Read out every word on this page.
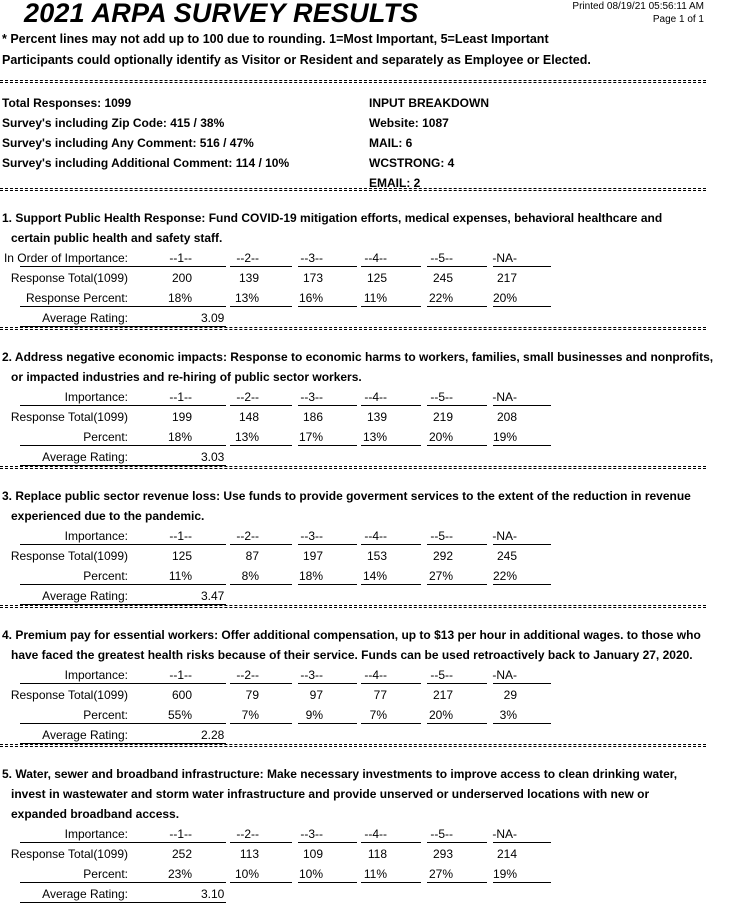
2021 ARPA SURVEY RESULTS	Printed 08/19/21 05:56:11 AM
Page 1 of 1
* Percent lines may not add up to 100 due to rounding. 1=Most Important, 5=Least Important
Participants could optionally identify as Visitor or Resident and separately as Employee or Elected.
Total Responses: 1099
Survey's including Zip Code: 415 / 38%
Survey's including Any Comment: 516 / 47%
Survey's including Additional Comment: 114 / 10%
INPUT BREAKDOWN
Website: 1087
MAIL: 6
WCSTRONG: 4
EMAIL: 2
1. Support Public Health Response: Fund COVID-19 mitigation efforts, medical expenses, behavioral healthcare and
certain public health and safety staff.
In Order of Importance:	--1--	--2--	--3--	--4--	--5--	-NA-
Response Total(1099)	200	139	173	125	245	217
Response Percent:	18%	13%	16%	11%	22%	20%
Average Rating:	3.09
2. Address negative economic impacts: Response to economic harms to workers, families, small businesses and nonprofits,
or impacted industries and re-hiring of public sector workers.
Importance:	--1--	--2--	--3--	--4--	--5--	-NA-
Response Total(1099)	199	148	186	139	219	208
Percent:	18%	13%	17%	13%	20%	19%
Average Rating:	3.03
3. Replace public sector revenue loss: Use funds to provide goverment services to the extent of the reduction in revenue
experienced due to the pandemic.
Importance:	--1--	--2--	--3--	--4--	--5--	-NA-
Response Total(1099)	125	87	197	153	292	245
Percent:	11%	8%	18%	14%	27%	22%
Average Rating:	3.47
4. Premium pay for essential workers: Offer additional compensation, up to $13 per hour in additional wages. to those who
have faced the greatest health risks because of their service. Funds can be used retroactively back to January 27, 2020.
Importance:	--1--	--2--	--3--	--4--	--5--	-NA-
Response Total(1099)	600	79	97	77	217	29
Percent:	55%	7%	9%	7%	20%	3%
Average Rating:	2.28
5. Water, sewer and broadband infrastructure: Make necessary investments to improve access to clean drinking water,
invest in wastewater and storm water infrastructure and provide unserved or underserved locations with new or
expanded broadband access.
Importance:	--1--	--2--	--3--	--4--	--5--	-NA-
Response Total(1099)	252	113	109	118	293	214
Percent:	23%	10%	10%	11%	27%	19%
Average Rating:	3.10
